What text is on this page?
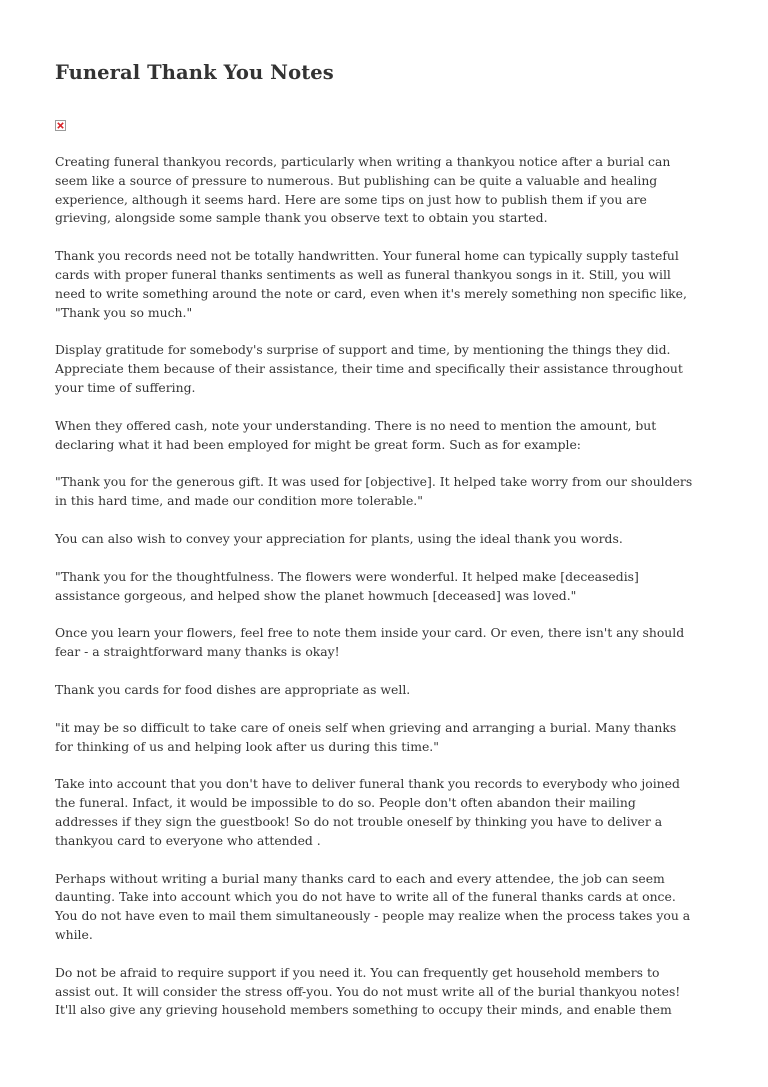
Funeral Thank You Notes

Creating funeral thankyou records, particularly when writing a thankyou notice after a burial can
seem like a source of pressure to numerous. But publishing can be quite a valuable and healing
experience, although it seems hard. Here are some tips on just how to publish them if you are
grieving, alongside some sample thank you observe text to obtain you started.

Thank you records need not be totally handwritten. Your funeral home can typically supply tasteful
cards with proper funeral thanks sentiments as well as funeral thankyou songs in it. Still, you will
need to write something around the note or card, even when it's merely something non specific like,
"Thank you so much."

Display gratitude for somebody's surprise of support and time, by mentioning the things they did.
Appreciate them because of their assistance, their time and specifically their assistance throughout
your time of suffering.

When they offered cash, note your understanding. There is no need to mention the amount, but
declaring what it had been employed for might be great form. Such as for example:

"Thank you for the generous gift. It was used for [objective]. It helped take worry from our shoulders
in this hard time, and made our condition more tolerable."

You can also wish to convey your appreciation for plants, using the ideal thank you words.

"Thank you for the thoughtfulness. The flowers were wonderful. It helped make [deceasedis]
assistance gorgeous, and helped show the planet howmuch [deceased] was loved."

Once you learn your flowers, feel free to note them inside your card. Or even, there isn't any should
fear - a straightforward many thanks is okay!

Thank you cards for food dishes are appropriate as well.

"it may be so difficult to take care of oneis self when grieving and arranging a burial. Many thanks
for thinking of us and helping look after us during this time."

Take into account that you don't have to deliver funeral thank you records to everybody who joined
the funeral. Infact, it would be impossible to do so. People don't often abandon their mailing
addresses if they sign the guestbook! So do not trouble oneself by thinking you have to deliver a
thankyou card to everyone who attended .

Perhaps without writing a burial many thanks card to each and every attendee, the job can seem
daunting. Take into account which you do not have to write all of the funeral thanks cards at once.
You do not have even to mail them simultaneously - people may realize when the process takes you a
while.

Do not be afraid to require support if you need it. You can frequently get household members to
assist out. It will consider the stress off-you. You do not must write all of the burial thankyou notes!
It'll also give any grieving household members something to occupy their minds, and enable them
